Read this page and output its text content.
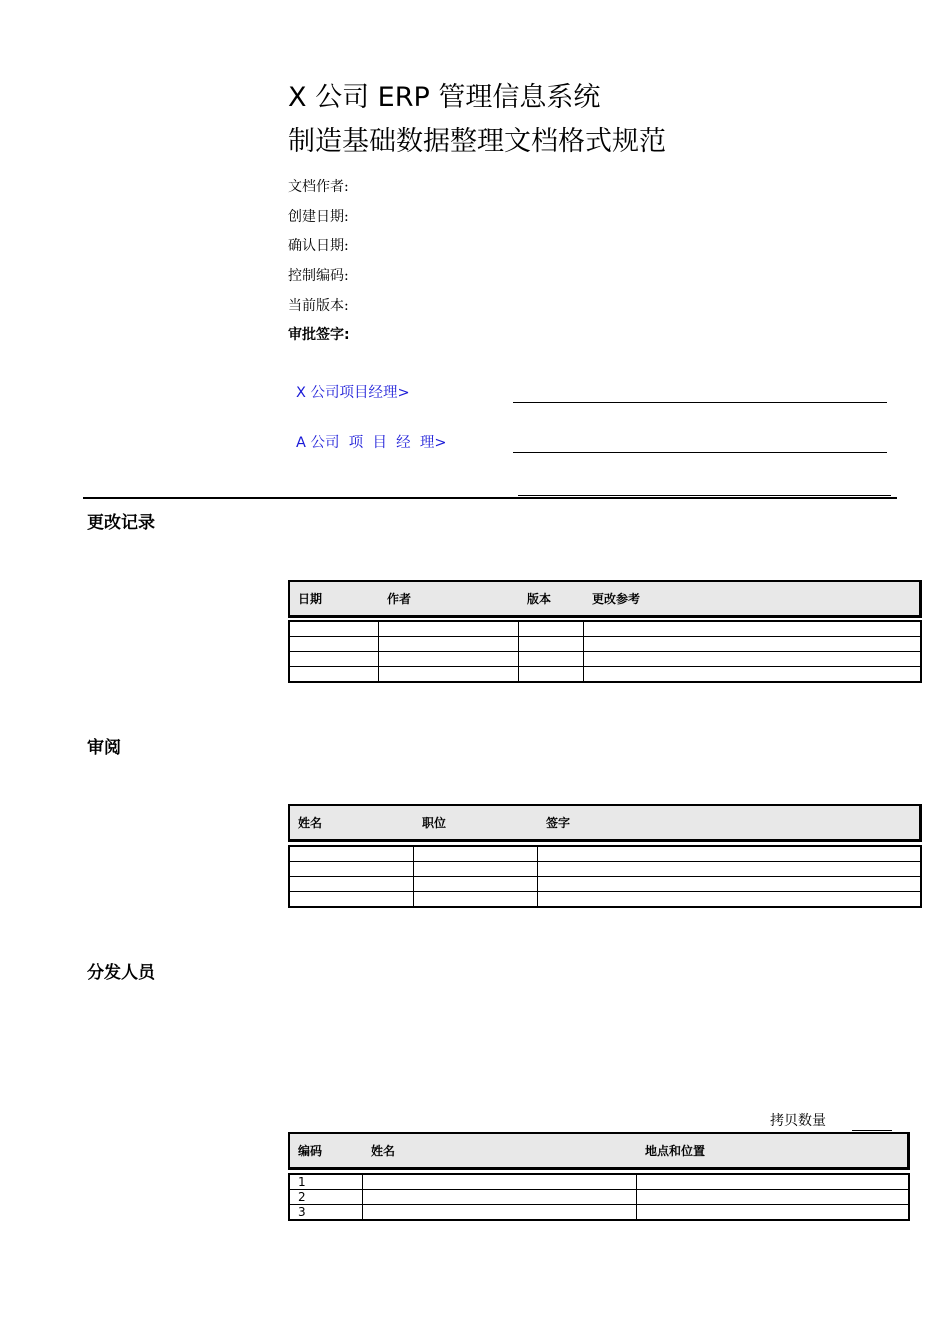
X 公司 ERP 管理信息系统
制造基础数据整理文档格式规范
文档作者:
创建日期:
确认日期:
控制编码:
当前版本:
审批签字:
X 公司项目经理>
A 公司  项  目  经  理>
更改记录
日期	作者	版本	更改参考

审阅
姓名	职位	签字

分发人员
拷贝数量
编码	姓名	地点和位置
1		
2		
3		
